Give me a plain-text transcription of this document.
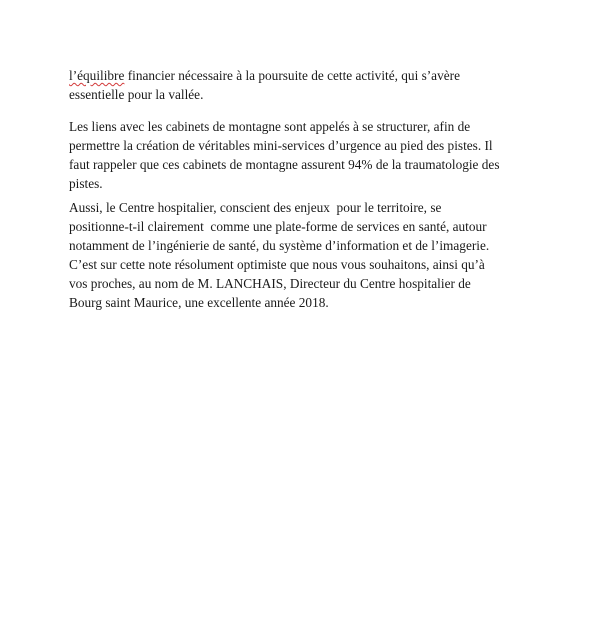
l’équilibre financier nécessaire à la poursuite de cette activité, qui s’avère
essentielle pour la vallée.
Les liens avec les cabinets de montagne sont appelés à se structurer, afin de
permettre la création de véritables mini-services d’urgence au pied des pistes. Il
faut rappeler que ces cabinets de montagne assurent 94% de la traumatologie des
pistes.
Aussi, le Centre hospitalier, conscient des enjeux  pour le territoire, se
positionne-t-il clairement  comme une plate-forme de services en santé, autour
notamment de l’ingénierie de santé, du système d’information et de l’imagerie.
C’est sur cette note résolument optimiste que nous vous souhaitons, ainsi qu’à
vos proches, au nom de M. LANCHAIS, Directeur du Centre hospitalier de
Bourg saint Maurice, une excellente année 2018.
